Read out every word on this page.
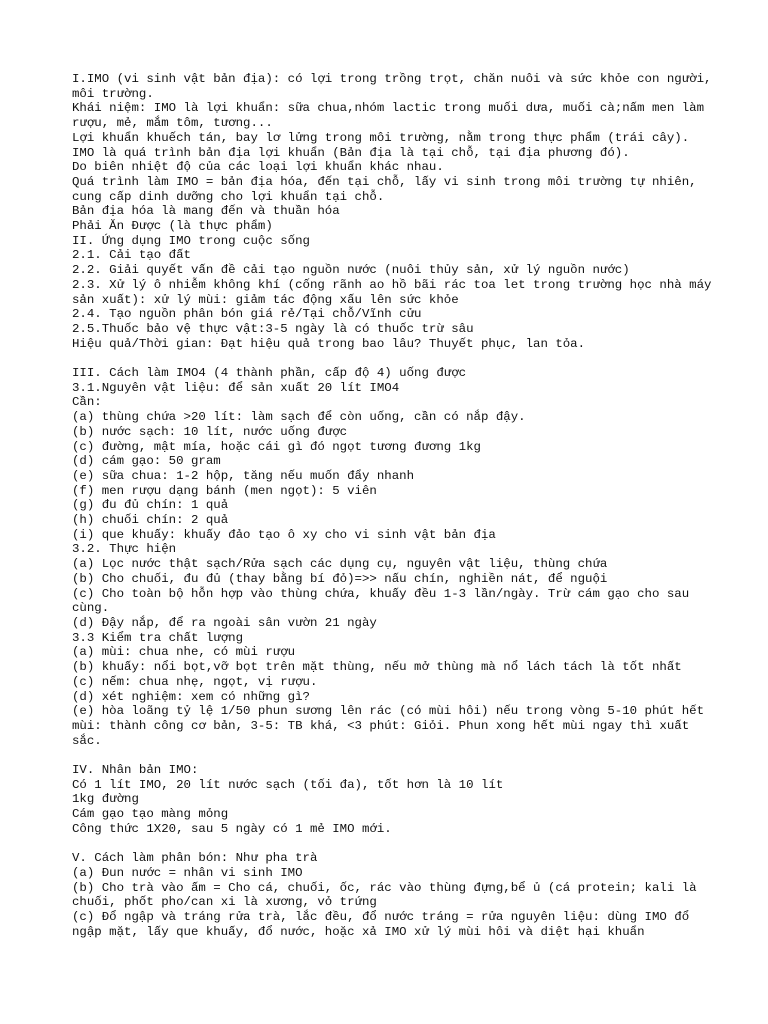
I.IMO (vi sinh vật bản địa): có lợi trong trồng trọt, chăn nuôi và sức khỏe con người, môi trường.
Khái niệm: IMO là lợi khuẩn: sữa chua,nhóm lactic trong muối dưa, muối cà;nấm men làm rượu, mẻ, mắm tôm, tương...
Lợi khuẩn khuếch tán, bay lơ lửng trong môi trường, nằm trong thực phẩm (trái cây).
IMO là quá trình bản địa lợi khuẩn (Bản địa là tại chỗ, tại địa phương đó).
Do biên nhiệt độ của các loại lợi khuẩn khác nhau.
Quá trình làm IMO = bản địa hóa, đến tại chỗ, lấy vi sinh trong môi trường tự nhiên, cung cấp dinh dưỡng cho lợi khuẩn tại chỗ.
Bản địa hóa là mang đến và thuần hóa
Phải Ăn Được (là thực phẩm)
II. Ứng dụng IMO trong cuộc sống
2.1. Cải tạo đất
2.2. Giải quyết vấn đề cải tạo nguồn nước (nuôi thủy sản, xử lý nguồn nước)
2.3. Xử lý ô nhiễm không khí (cống rãnh ao hồ bãi rác toa let trong trường học nhà máy sản xuất): xử lý mùi: giảm tác động xấu lên sức khỏe
2.4. Tạo nguồn phân bón giá rẻ/Tại chỗ/Vĩnh cửu
2.5.Thuốc bảo vệ thực vật:3-5 ngày là có thuốc trừ sâu
Hiệu quả/Thời gian: Đạt hiệu quả trong bao lâu? Thuyết phục, lan tỏa.
III. Cách làm IMO4 (4 thành phần, cấp độ 4) uống được
3.1.Nguyên vật liệu: để sản xuất 20 lít IMO4
Cần:
(a) thùng chứa >20 lít: làm sạch để còn uống, cần có nắp đậy.
(b) nước sạch: 10 lít, nước uống được
(c) đường, mật mía, hoặc cái gì đó ngọt tương đương 1kg
(d) cám gạo: 50 gram
(e) sữa chua: 1-2 hộp, tăng nếu muốn đẩy nhanh
(f) men rượu dạng bánh (men ngọt): 5 viên
(g) đu đủ chín: 1 quả
(h) chuối chín: 2 quả
(i) que khuấy: khuấy đảo tạo ô xy cho vi sinh vật bản địa
3.2. Thực hiện
(a) Lọc nước thật sạch/Rửa sạch các dụng cụ, nguyên vật liệu, thùng chứa
(b) Cho chuối, đu đủ (thay bằng bí đỏ)=>> nấu chín, nghiền nát, để nguội
(c) Cho toàn bộ hỗn hợp vào thùng chứa, khuấy đều 1-3 lần/ngày. Trừ cám gạo cho sau cùng.
(d) Đậy nắp, để ra ngoài sân vườn 21 ngày
3.3 Kiểm tra chất lượng
(a) mùi: chua nhe, có mùi rượu
(b) khuấy: nổi bọt,vỡ bọt trên mặt thùng, nếu mở thùng mà nổ lách tách là tốt nhất
(c) nếm: chua nhẹ, ngọt, vị rượu.
(d) xét nghiệm: xem có những gì?
(e) hòa loãng tỷ lệ 1/50 phun sương lên rác (có mùi hôi) nếu trong vòng 5-10 phút hết mùi: thành công cơ bản, 3-5: TB khá, <3 phút: Giỏi. Phun xong hết mùi ngay thì xuất sắc.
IV. Nhân bản IMO:
Có 1 lít IMO, 20 lít nước sạch (tối đa), tốt hơn là 10 lít
1kg đường
Cám gạo tạo màng mỏng
Công thức 1X20, sau 5 ngày có 1 mẻ IMO mới.
V. Cách làm phân bón: Như pha trà
(a) Đun nước = nhân vi sinh IMO
(b) Cho trà vào ấm = Cho cá, chuối, ốc, rác vào thùng đựng,bể ủ (cá protein; kali là chuối, phốt pho/can xi là xương, vỏ trứng
(c) Đổ ngập và tráng rửa trà, lắc đều, đổ nước tráng = rửa nguyên liệu: dùng IMO đổ ngập mặt, lấy que khuấy, đổ nước, hoặc xả IMO xử lý mùi hôi và diệt hại khuẩn
